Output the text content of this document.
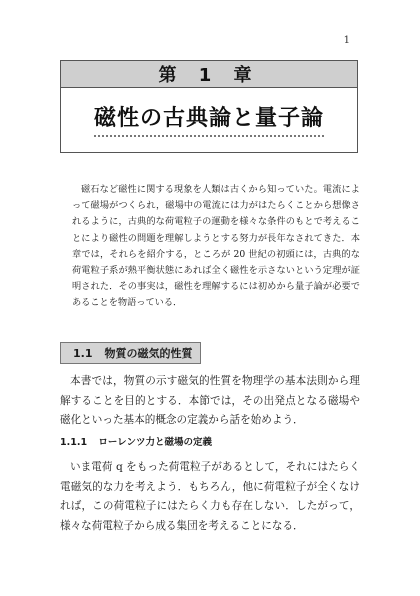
1
第 1 章
磁性の古典論と量子論

磁石など磁性に関する現象を人類は古くから知っていた。電流によって磁場がつくられ，磁場中の電流には力がはたらくことから想像されるように，古典的な荷電粒子の運動を様々な条件のもとで考えることにより磁性の問題を理解しようとする努力が長年なされてきた．本章では，それらを紹介する，ところが 20 世紀の初頭には，古典的な荷電粒子系が熱平衡状態にあれば全く磁性を示さないという定理が証明された．その事実は，磁性を理解するには初めから量子論が必要であることを物語っている．

1.1 物質の磁気的性質

本書では，物質の示す磁気的性質を物理学の基本法則から理解することを目的とする．本節では，その出発点となる磁場や磁化といった基本的概念の定義から話を始めよう．

1.1.1 ローレンツ力と磁場の定義

いま電荷 q をもった荷電粒子があるとして，それにはたらく電磁気的な力を考えよう．もちろん，他に荷電粒子が全くなければ，この荷電粒子にはたらく力も存在しない．したがって，様々な荷電粒子から成る集団を考えることになる．
